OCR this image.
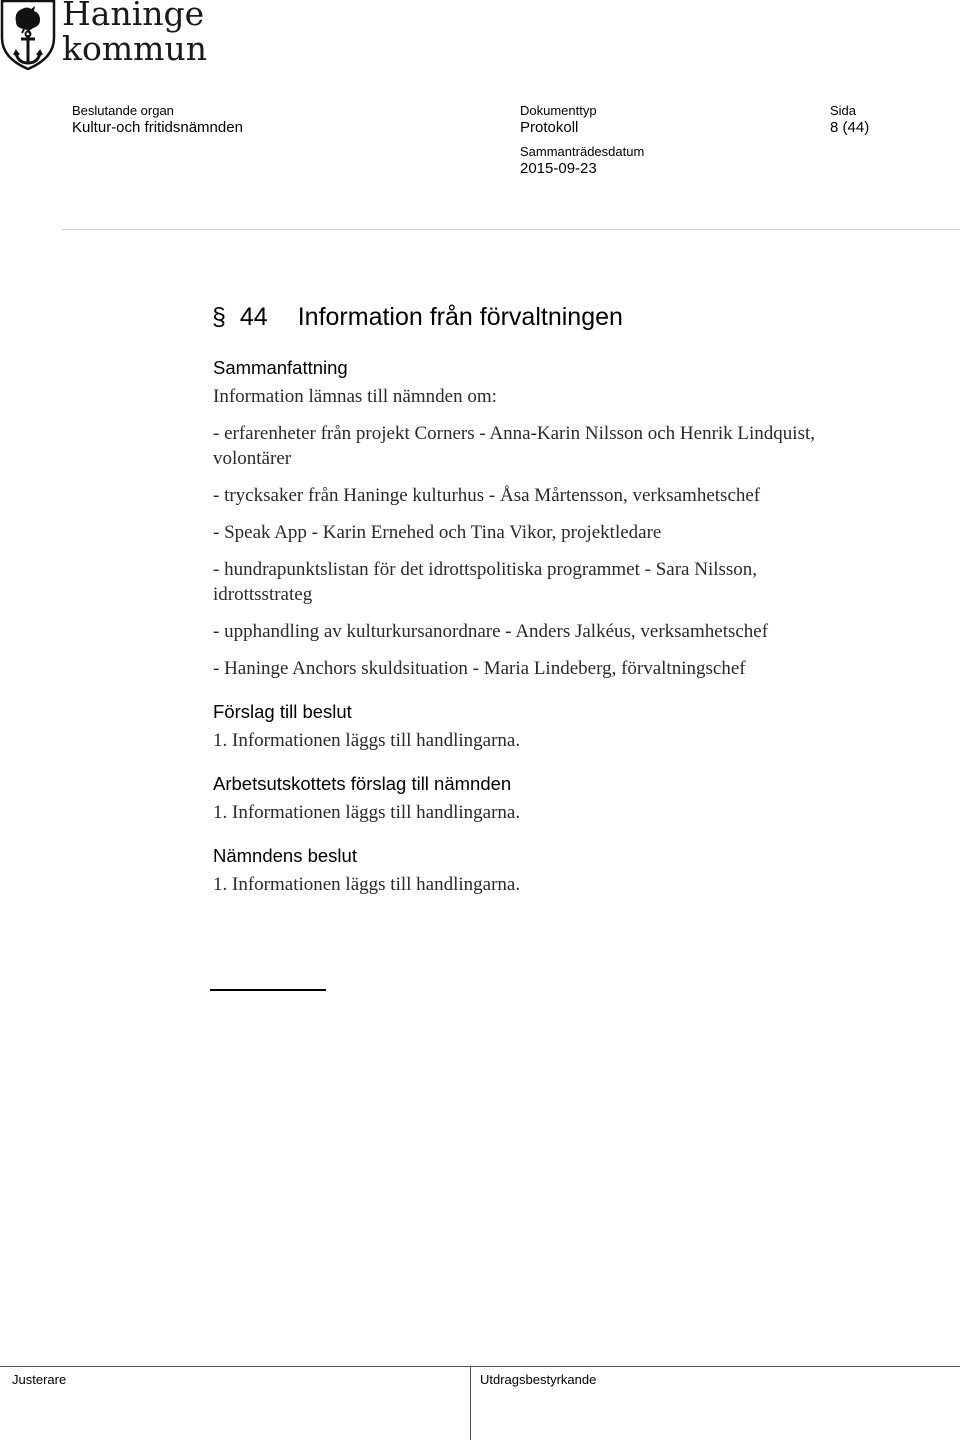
Haninge
kommun
Beslutande organ
Kultur-och fritidsnämnden
Dokumenttyp
Protokoll
Sida
8 (44)
Sammanträdesdatum
2015-09-23
§ 44 Information från förvaltningen

Sammanfattning

Information lämnas till nämnden om:

- erfarenheter från projekt Corners - Anna-Karin Nilsson och Henrik Lindquist, volontärer

- trycksaker från Haninge kulturhus - Åsa Mårtensson, verksamhetschef

- Speak App - Karin Ernehed och Tina Vikor, projektledare

- hundrapunktslistan för det idrottspolitiska programmet - Sara Nilsson, idrottsstrateg

- upphandling av kulturkursanordnare - Anders Jalkéus, verksamhetschef

- Haninge Anchors skuldsituation - Maria Lindeberg, förvaltningschef

Förslag till beslut

1. Informationen läggs till handlingarna.

Arbetsutskottets förslag till nämnden

1. Informationen läggs till handlingarna.

Nämndens beslut

1. Informationen läggs till handlingarna.

Justerare	Utdragsbestyrkande
